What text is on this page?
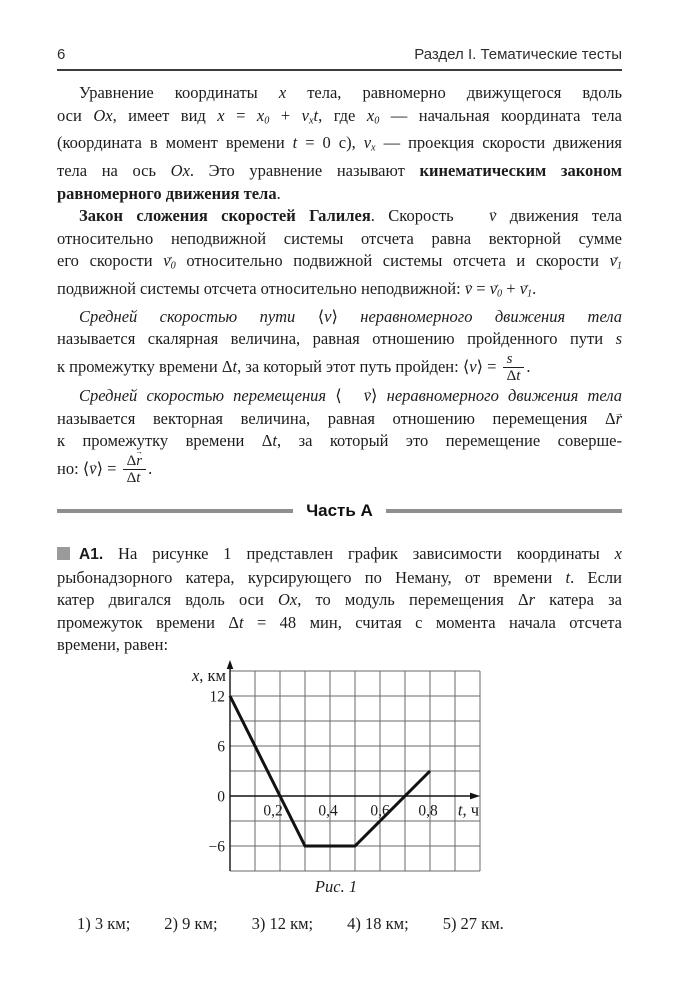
6	Раздел I. Тематические тесты
Уравнение координаты x тела, равномерно движущегося вдоль
оси Ox, имеет вид $x = x_0 + v_xt$, где $x_0$ — начальная координата тела
(координата в момент времени t = 0 с), $v_x$ — проекция скорости движения
тела на ось Ox. Это уравнение называют кинематическим законом
равномерного движения тела.
Закон сложения скоростей Галилея. Скорость v → движения тела
относительно неподвижной системы отсчета равна векторной сумме
его скорости $v_0$ → относительно подвижной системы отсчета и скорости $v_1$ →
подвижной системы отсчета относительно неподвижной: v → = $v_0$ → + $v_1$ →.
Средней скоростью пути ⟨v⟩ неравномерного движения тела
называется скалярная величина, равная отношению пройденного пути s
к промежутку времени Δt, за который этот путь пройден: ⟨v⟩ = $\frac{s}{\Delta t}$ .
Средней скоростью перемещения ⟨ v →⟩ неравномерного движения тела
называется векторная величина, равная отношению перемещения Δr →
к промежутку времени Δt, за который это перемещение соверше-
но: ⟨v →⟩ = $\frac{\Delta r \to}{\Delta t}$ .
Часть А
А1. На рисунке 1 представлен график зависимости координаты x
рыбонадзорного катера, курсирующего по Неману, от времени t. Если
катер двигался вдоль оси Ox, то модуль перемещения Δr катера за
промежуток времени Δt = 48 мин, считая с момента начала отсчета
времени, равен:
x, км
t, ч
12
6
0
−6
0,2 0,4 0,6 0,8
Рис. 1
1) 3 км; 2) 9 км; 3) 12 км; 4) 18 км; 5) 27 км.
